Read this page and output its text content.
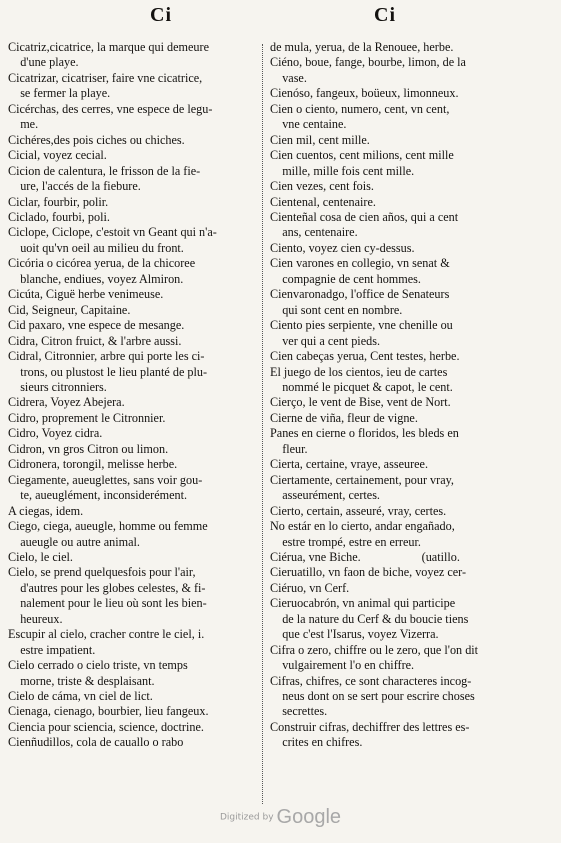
Ci	Ci
Cicatriz,cicatrice, la marque qui demeure
d'une playe.
Cicatrizar, cicatriser, faire vne cicatrice,
se fermer la playe.
Cicérchas, des cerres, vne espece de legu-
me.
Cichéres,des pois ciches ou chiches.
Cicial, voyez cecial.
Cicion de calentura, le frisson de la fie-
ure, l'accés de la fiebure.
Ciclar, fourbir, polir.
Ciclado, fourbi, poli.
Ciclope, Ciclope, c'estoit vn Geant qui n'a-
uoit qu'vn oeil au milieu du front.
Cicória o cicórea yerua, de la chicoree
blanche, endiues, voyez Almiron.
Cicúta, Ciguë herbe venimeuse.
Cid, Seigneur, Capitaine.
Cid paxaro, vne espece de mesange.
Cidra, Citron fruict, & l'arbre aussi.
Cidral, Citronnier, arbre qui porte les ci-
trons, ou plustost le lieu planté de plu-
sieurs citronniers.
Cidrera, Voyez Abejera.
Cidro, proprement le Citronnier.
Cidro, Voyez cidra.
Cidron, vn gros Citron ou limon.
Cidronera, torongil, melisse herbe.
Ciegamente, aueuglettes, sans voir gou-
te, aueuglément, inconsiderément.
A ciegas, idem.
Ciego, ciega, aueugle, homme ou femme
aueugle ou autre animal.
Cielo, le ciel.
Cielo, se prend quelquesfois pour l'air,
d'autres pour les globes celestes, & fi-
nalement pour le lieu où sont les bien-
heureux.
Escupir al cielo, cracher contre le ciel, i.
estre impatient.
Cielo cerrado o cielo triste, vn temps
morne, triste & desplaisant.
Cielo de cáma, vn ciel de lict.
Cienaga, cienago, bourbier, lieu fangeux.
Ciencia pour sciencia, science, doctrine.
Cienñudillos, cola de cauallo o rabo
de mula, yerua, de la Renouee, herbe.
Ciéno, boue, fange, bourbe, limon, de la
vase.
Cienóso, fangeux, boüeux, limonneux.
Cien o ciento, numero, cent, vn cent,
vne centaine.
Cien mil, cent mille.
Cien cuentos, cent milions, cent mille
mille, mille fois cent mille.
Cien vezes, cent fois.
Cientenal, centenaire.
Cienteñal cosa de cien años, qui a cent
ans, centenaire.
Ciento, voyez cien cy-dessus.
Cien varones en collegio, vn senat &
compagnie de cent hommes.
Cienvaronadgo, l'office de Senateurs
qui sont cent en nombre.
Ciento pies serpiente, vne chenille ou
ver qui a cent pieds.
Cien cabeças yerua, Cent testes, herbe.
El juego de los cientos, ieu de cartes
nommé le picquet & capot, le cent.
Cierço, le vent de Bise, vent de Nort.
Cierne de viña, fleur de vigne.
Panes en cierne o floridos, les bleds en
fleur.
Cierta, certaine, vraye, asseuree.
Ciertamente, certainement, pour vray,
asseurément, certes.
Cierto, certain, asseuré, vray, certes.
No estár en lo cierto, andar engañado,
estre trompé, estre en erreur.
Ciérua, vne Biche.                    (uatillo.
Cieruatillo, vn faon de biche, voyez cer-
Ciéruo, vn Cerf.
Cieruocabrón, vn animal qui participe
de la nature du Cerf & du boucie tiens
que c'est l'Isarus, voyez Vizerra.
Cifra o zero, chiffre ou le zero, que l'on dit
vulgairement l'o en chiffre.
Cifras, chifres, ce sont characteres incog-
neus dont on se sert pour escrire choses
secrettes.
Construir cifras, dechiffrer des lettres es-
crites en chifres.
Digitized by Google
